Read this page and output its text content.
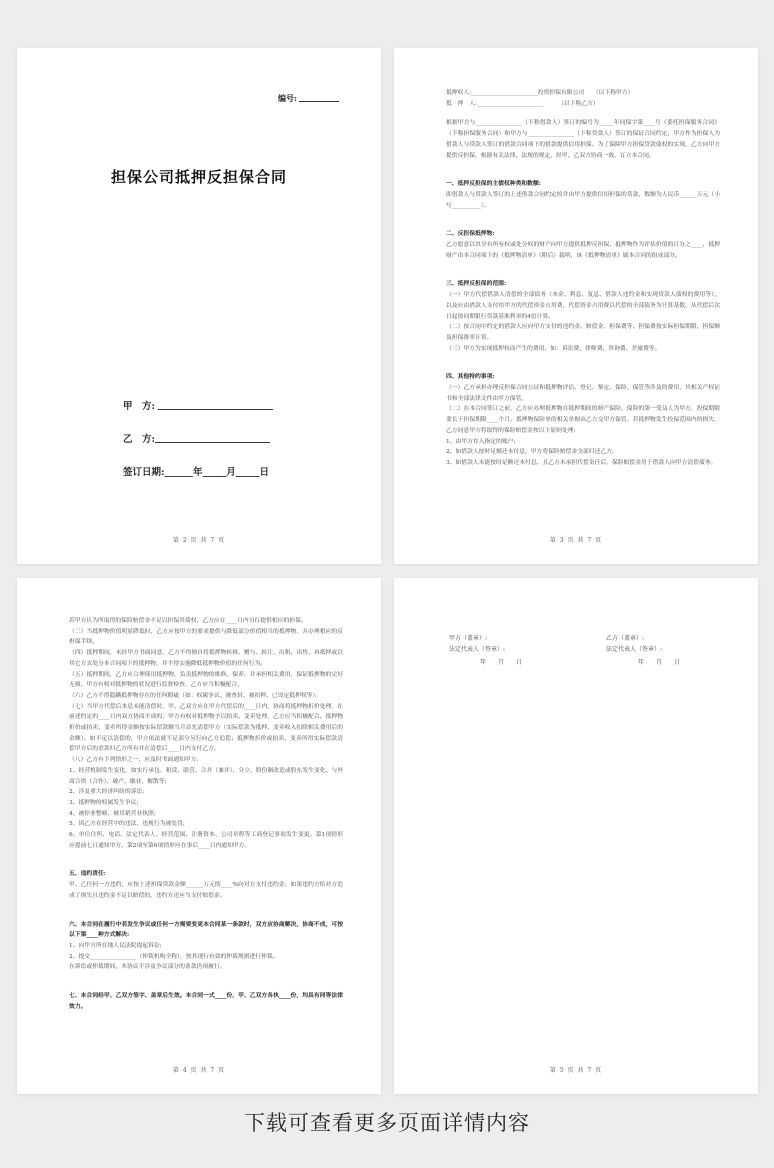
编号:
担保公司抵押反担保合同
甲　方:
乙　方:
签订日期:______年_____月_____日
第 2 页 共 7 页

抵押权人:_______________________投资担保有限公司　　（以下称甲方）

抵　押　人:_______________________　　　（以下称乙方）

根据甲方与________________（下称借款人）签订的编号为_____年同保字第____号《委托担保服务合同》（下称担保服务合同）和甲方与________________（下称贷款人）签订的保证合同约定，甲方作为担保人为借款人与贷款人签订的借款合同项下的借款提供信用担保。为了保障甲方担保贷款债权的实现，乙方向甲方提供反担保，根据有关法律、法规的规定，经甲、乙双方协商一致，订立本合同。

一、抵押反担保的主债权种类和数额:

即借款人与贷款人签订的上述借款合同约定的并由甲方提供信用担保的贷款，数额为人民币______万元（小写__________）。

二、反担保抵押物:

乙方愿意以其享有所有权或处分权的财产向甲方提供抵押反担保，抵押物作为评估价值的百分之____，抵押财产由本合同项下的《抵押物清单》（附后）载明，该《抵押物清单》属本合同的组成部分。

三、抵押反担保的范围:

（一）甲方代偿借款人清偿的全部债务（本金、利息、复息、借款人违约金和实现贷款人债权的费用等），以及应由借款人支付给甲方的代偿资金占用费，代偿资金占用费以代偿的全部债务为计算基数，从代偿后次日起按同期银行贷款基准利率的4倍计算。

（二）按合同中约定的借款人应向甲方支付的违约金、赔偿金、担保费等、担保费按实际担保期限、担保额及担保费率计算。

（三）甲方为实现抵押权而产生的费用，如：诉讼费、律师费、咨询费、差旅费等。

四、其他特约事项:

（一）乙方承担办理反担保合同公证和抵押物评估、登记、鉴定、保险、保管等涉及的费用，其相关产权证书和全部法律文件由甲方保管。

（二）在本合同签订之前，乙方应办理抵押物在抵押期间的财产保险，保险的第一受益人为甲方，投保期限要长于担保期限____个月。抵押物保险单的相关单据由乙方交甲方保管。若抵押物发生投保范围内的损失，乙方同意甲方将取得的保险赔偿金按以下原则处理:

1、由甲方存入指定的账户;

2、如借款人按时足额还本付息，甲方将保险赔偿金全部归还乙方;

3、如借款人未能按时足额还本付息，且乙方未承担代偿责任后，保险赔偿金用于借款人向甲方清偿债务。

第 3 页 共 7 页

若甲方认为所取得的保险赔偿金不足以担保其债权，乙方应在____日内另行提供相应的担保。

（三）当抵押物价值明显降低时，乙方应按甲方的要求提供与降低部分价值相当的抵押物，并办理相应的反担保手续。

（四）抵押期间，未经甲方书面同意，乙方不得擅自将抵押物转移、赠与、转让、出租、出售、再抵押或以其它方式处分本合同项下的抵押物，并不得实施降低抵押物价值的任何行为。

（五）抵押期间，乙方应合理使用抵押物，负责抵押物的维修、保养，并承担相关费用，保证抵押物的完好无损。甲方有权对抵押物的状况进行监督检查，乙方应当积极配合。

（六）乙方不得隐瞒抵押物存在的任何瑕疵（如：权属争议、被查封、被扣押、已设定抵押权等）。

（七）当甲方代偿后本息未能清偿时，甲、乙双方应在甲方代偿后的____日内，协商将抵押物折价处理，在前述约定的____日内双方协商不成的，甲方有权对抵押物予以拍卖、变卖处理，乙方应当积极配合。抵押物折价或拍卖、变卖所得金额按实际偿款额当月首先清偿甲方（实际偿款为抵押、变卖收入扣除相关费用后的金额）。如不足以清偿的，甲方依法就不足部分另行向乙方追偿；抵押物折价或拍卖、变卖所得实际偿款清偿甲方后的余款归乙方所有并在清偿后____日内支付乙方。

（八）乙方有下列情形之一，应及时书面通知甲方:

1、经营机制发生变化，如实行承包、租赁、联营、合并（兼并）、分立、股份制改造或股东发生变化、与外商合资（合作）、破产、歇业、解散等;

2、涉及重大经济纠纷的诉讼;

3、抵押物的权属发生争议;

4、被停业整顿、被吊销营业执照;

5、因乙方在经营中的违法、违规行为被处罚;

6、单位住所、电话、法定代表人、经营范围、注册资本、公司章程等工商登记事项发生变更。第1项情形应提前七日通知甲方，第2项至第6项情形应在事后____日内通知甲方。

五、违约责任:

甲、乙任何一方违约，应按上述担保贷款金额______万元的____%向对方支付违约金。如果违约方给对方造成了损失且违约金不足以赔偿的，违约方还应当支付赔偿金。

六、本合同在履行中若发生争议或任何一方需要变更本合同某一条款时，双方应协商解决，协商不成，可按以下第____种方式解决:

1、向甲方所在地人民法院提起诉讼;

2、提交________________（仲裁机构全称），按其现行有效的仲裁规则进行仲裁。

在诉讼或仲裁期间，本协议不涉及争议部分的条款仍须履行。

七、本合同经甲、乙双方签字、盖章后生效。本合同一式____份，甲、乙双方各执____份，均具有同等法律效力。

第 4 页 共 7 页
甲方（盖章）:	乙方（盖章）:
法定代表人（签章）:	法定代表人（签章）:
年　　月　　日	年　　月　　日
第 5 页 共 7 页
下载可查看更多页面详情内容
